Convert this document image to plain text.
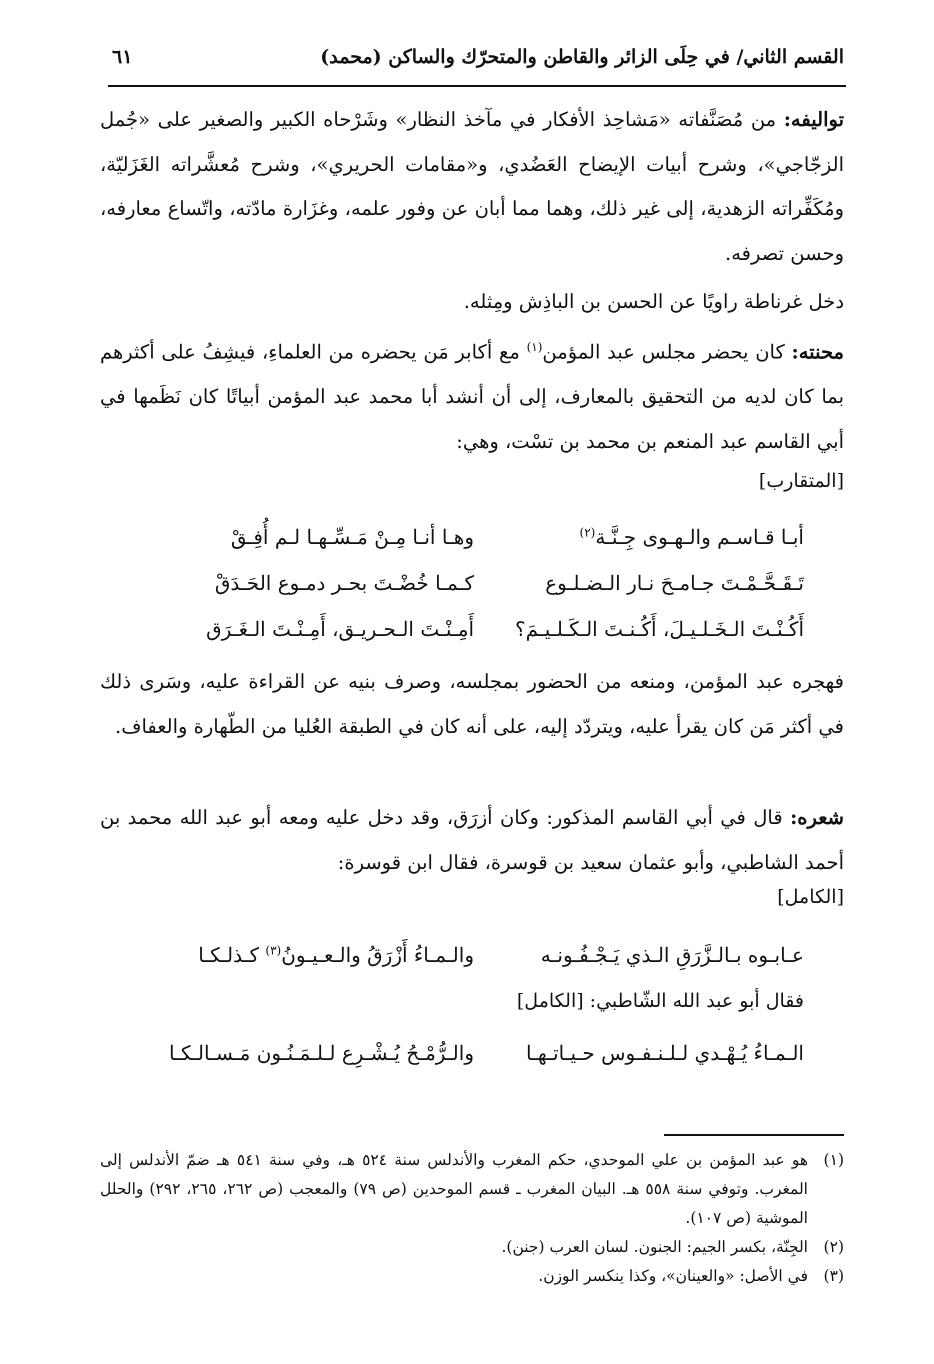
القسم الثاني/ في حِلَى الزائر والقاطن والمتحرّك والساكن (محمد)
٦١

تواليفه: من مُصَنَّفاته «مَشاحِذ الأفكار في مآخذ النظار» وشَرْحاه الكبير والصغير على «جُمل الزجّاجي»، وشرح أبيات الإيضاح العَضُدي، و«مقامات الحريري»، وشرح مُعشَّراته الغَزَليّة، ومُكَفِّراته الزهدية، إلى غير ذلك، وهما مما أبان عن وفور علمه، وغزَارة مادّته، واتّساع معارفه، وحسن تصرفه.

دخل غرناطة راويًا عن الحسن بن الباذِش ومِثله.

محنته: كان يحضر مجلس عبد المؤمن$^{(١)}$ مع أكابر مَن يحضره من العلماءِ، فيشِفُ على أكثرهم بما كان لديه من التحقيق بالمعارف، إلى أن أنشد أبا محمد عبد المؤمن أبياتًا كان نَظَمها في أبي القاسم عبد المنعم بن محمد بن تسْت، وهي:

[المتقارب]
أبـا قـاسـم والـهـوى جِـنَّـة$^{(٢)}$
وهـا أنـا مِـنْ مَـسِّـهـا لـم أُفِـقْ
تَـقَـحَّـمْـتَ جـامـحَ نـار الـضـلـوع
كـمـا خُضْـتَ بحـر دمـوع الحَـدَقْ
أَكُـنْـتَ الـخَـلـيـلَ، أَكُـنـتَ الـكَـلـيـمَ؟
أَمِـنْـتَ الـحـريـق، أَمِـنْـتَ الـغَـرَق

فهجره عبد المؤمن، ومنعه من الحضور بمجلسه، وصرف بنيه عن القراءة عليه، وسَرى ذلك في أكثر مَن كان يقرأ عليه، ويتردّد إليه، على أنه كان في الطبقة العُليا من الطّهارة والعفاف.

شعره: قال في أبي القاسم المذكور: وكان أزرَق، وقد دخل عليه ومعه أبو عبد الله محمد بن أحمد الشاطبي، وأبو عثمان سعيد بن قوسرة، فقال ابن قوسرة:

[الكامل]
عـابـوه بـالـزَّرَقِ الـذي يَـجْـفُـونـه
والـمـاءُ أَزْرَقُ والـعـيـونُ$^{(٣)}$ كـذلـكـا
فقال أبو عبد الله الشّاطبي: [الكامل]
الـمـاءُ يُـهْـدي لـلـنـفـوس حـيـاتـهـا
والـرُّمْـحُ يُـشْـرِع لـلـمَـنُـون مَـسـالـكـا
(١)
هو عبد المؤمن بن علي الموحدي، حكم المغرب والأندلس سنة ٥٢٤ هـ، وفي سنة ٥٤١ هـ ضمّ الأندلس إلى المغرب. وتوفي سنة ٥٥٨ هـ. البيان المغرب ـ قسم الموحدين (ص ٧٩) والمعجب (ص ٢٦٢، ٢٦٥، ٢٩٢) والحلل الموشية (ص ١٠٧).
(٢)
الجِنّة، بكسر الجيم: الجنون. لسان العرب (جنن).
(٣)
في الأصل: «والعينان»، وكذا ينكسر الوزن.
